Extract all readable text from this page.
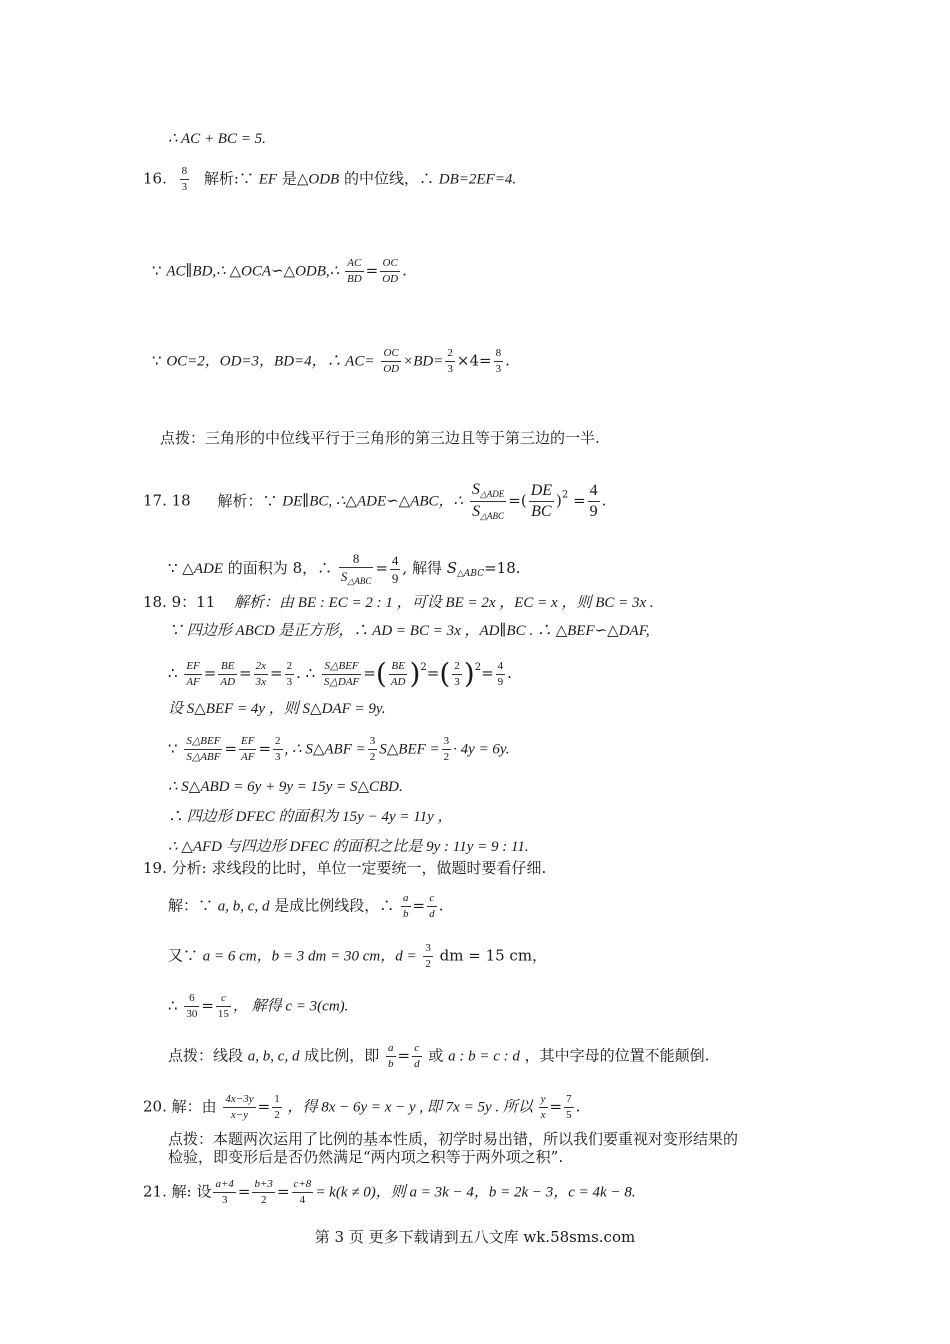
∴ AC + BC = 5.
16. $\frac{8}{3}$ 解析:∵ EF 是△ODB 的中位线，∴ DB=2EF=4.
∵ AC∥BD,∴ △OCA∽△ODB,∴ $\frac{AC}{BD} = \frac{OC}{OD}$ .
∵ OC=2，OD=3，BD=4，∴ $AC= \frac{OC}{OD} \times BD= \frac{2}{3} \times 4= \frac{8}{3}$ .
点拨：三角形的中位线平行于三角形的第三边且等于第三边的一半.
17. 18 解析：∵ DE∥BC, ∴△ADE∽△ABC，∴ $\frac{S_{\triangle ADE}}{S_{\triangle ABC}}$ =( $\frac{DE}{BC} )^2 = \frac{4}{9}$ .
∵ △ADE 的面积为 8，∴ $\frac{8}{S_{\triangle ABC}} = \frac{4}{9}$ , 解得 $S_{\triangle ABC}=18$.
18. 9：11 解析：由 BE : EC = 2 : 1 ，可设 BE = 2x ，EC = x ，则 BC = 3x .
∵ 四边形 ABCD 是正方形，∴ AD = BC = 3x ，AD∥BC . ∴ △BEF∽△DAF,
∴ $\frac{EF}{AF} = \frac{BE}{AD} = \frac{2x}{3x} = \frac{2}{3}$ . ∴ $\frac{\text{S△BEF}}{\text{S△DAF}}$ =( $\frac{BE}{AD} )^2=( \frac{2}{3} )^2= \frac{4}{9}$ .
设 S△BEF = 4y ，则 S△DAF = 9y.
∵ $\frac{\text{S△BEF}}{\text{S△ABF}} = \frac{EF}{AF} = \frac{2}{3}$ , ∴ S△ABF = $\frac{3}{2}$ S△BEF = $\frac{3}{2} \cdot 4y = 6y$.
∴ S△ABD = 6y + 9y = 15y = S△CBD.
∴ 四边形 DFEC 的面积为 15y − 4y = 11y ，
∴ △AFD 与四边形 DFEC 的面积之比是 9y : 11y = 9 : 11.
19. 分析: 求线段的比时，单位一定要统一，做题时要看仔细.
解：∵ a, b, c, d 是成比例线段，∴ $\frac{a}{b} = \frac{c}{d}$ .
又∵ a = 6 cm，b = 3 dm = 30 cm，$d = \frac{3}{2}$ dm = 15 cm，
∴ $\frac{6}{30} = \frac{c}{15}$ ， 解得 c = 3(cm).
点拨：线段 a, b, c, d 成比例，即 $\frac{a}{b} = \frac{c}{d}$ 或 a : b = c : d ，其中字母的位置不能颠倒.
20. 解：由 $\frac{4x-3y}{x-y} = \frac{1}{2}$ ，得 8x − 6y = x − y , 即 7x = 5y . 所以 $\frac{y}{x} = \frac{7}{5}$ .
点拨：本题两次运用了比例的基本性质，初学时易出错，所以我们要重视对变形结果的
检验，即变形后是否仍然满足“两内项之积等于两外项之积”.
21. 解: 设 $\frac{a+4}{3} = \frac{b+3}{2} = \frac{c+8}{4} = k(k \ne 0)$，则 a = 3k − 4，b = 2k − 3，c = 4k − 8.
第 3 页 更多下载请到五八文库 wk.58sms.com
